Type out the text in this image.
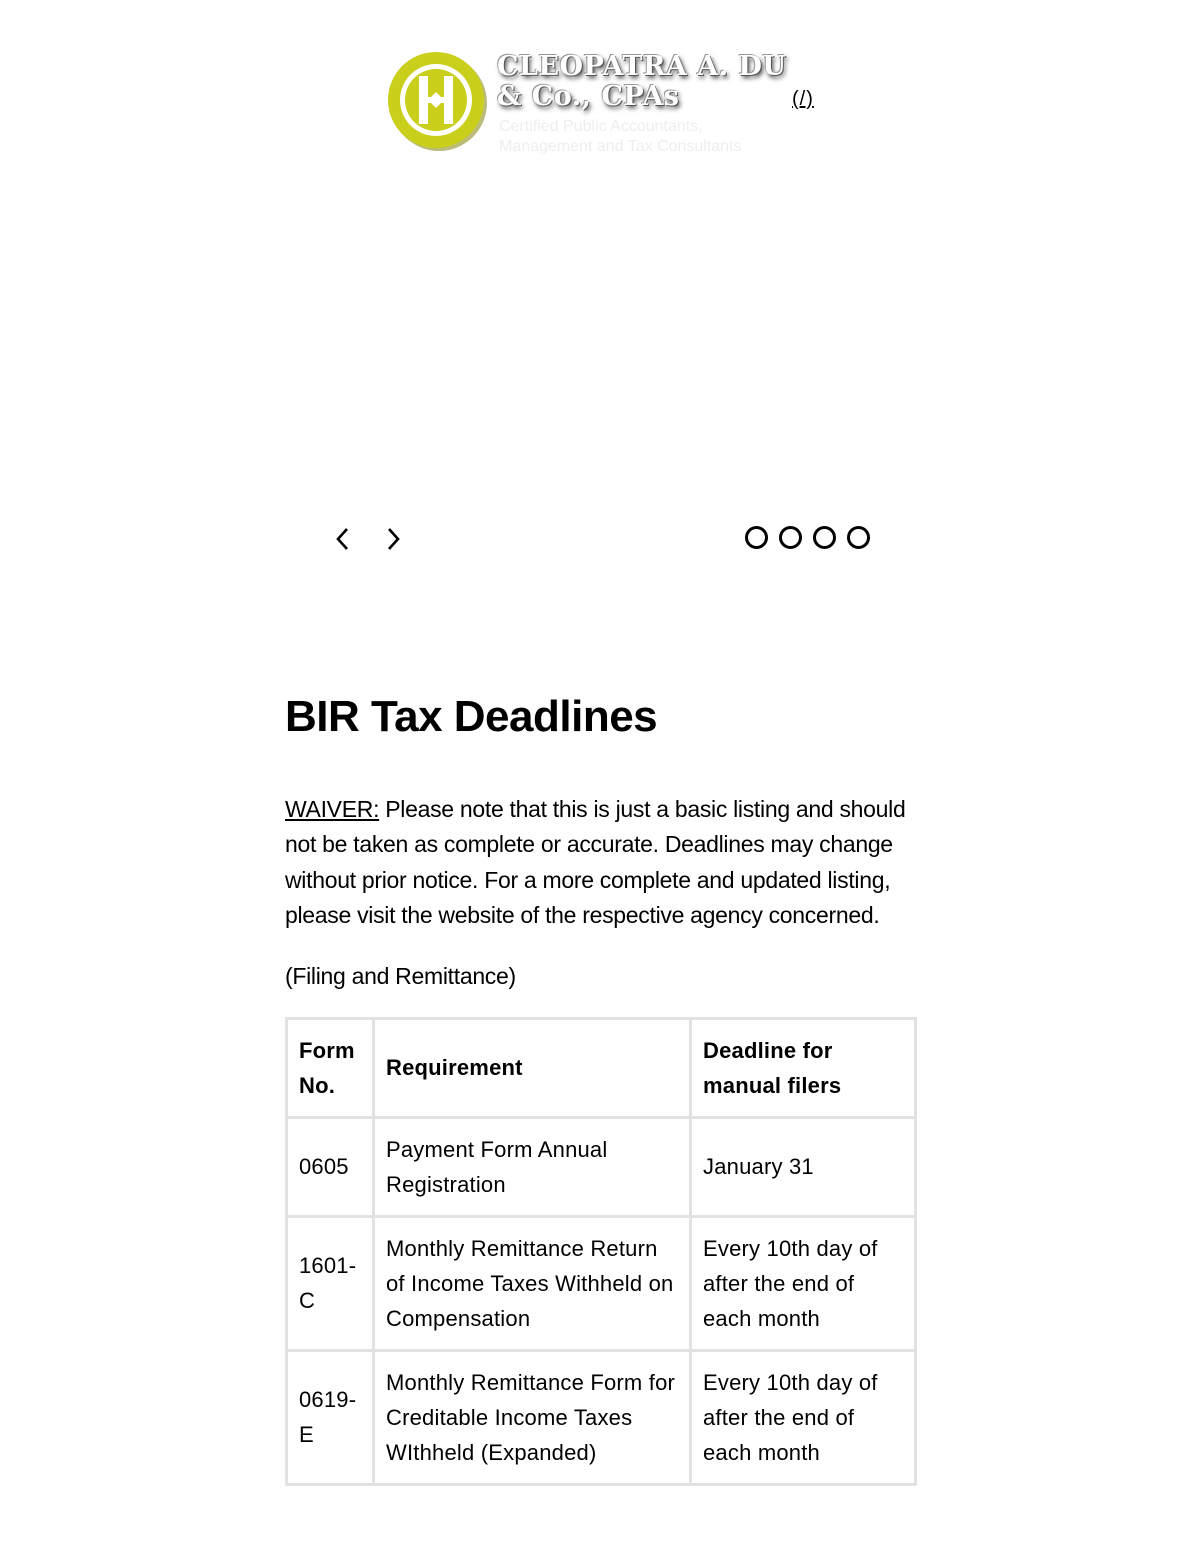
CLEOPATRA A. DU
& Co., CPAs
Certified Public Accountants,
Management and Tax Consultants
(/)
BIR Tax Deadlines

WAIVER: Please note that this is just a basic listing and should not be taken as complete or accurate. Deadlines may change without prior notice. For a more complete and updated listing, please visit the website of the respective agency concerned.

(Filing and Remittance)

Form No.	Requirement	Deadline for manual filers
0605	Payment Form Annual Registration	January 31
1601-C	Monthly Remittance Return of Income Taxes Withheld on Compensation	Every 10th day of after the end of each month
0619-E	Monthly Remittance Form for Creditable Income Taxes WIthheld (Expanded)	Every 10th day of after the end of each month
